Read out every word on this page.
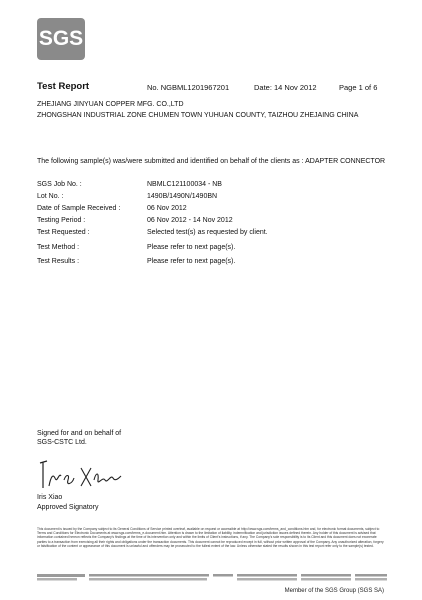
SGS
Test Report	No. NGBML1201967201	Date: 14 Nov 2012	Page 1 of 6
ZHEJIANG JINYUAN COPPER MFG. CO.,LTD
ZHONGSHAN INDUSTRIAL ZONE CHUMEN TOWN YUHUAN COUNTY, TAIZHOU ZHEJAING CHINA
The following sample(s) was/were submitted and identified on behalf of the clients as : ADAPTER CONNECTOR
SGS Job No. :	NBMLC121100034 - NB
Lot No. :	1490B/1490N/1490BN
Date of Sample Received :	06 Nov 2012
Testing Period :	06 Nov 2012 - 14 Nov 2012
Test Requested :	Selected test(s) as requested by client.
Test Method :	Please refer to next page(s).
Test Results :	Please refer to next page(s).
Signed for and on behalf of
SGS-CSTC Ltd.
Iris Xiao
Approved Signatory
This document is issued by the Company subject to its General Conditions of Service printed overleaf, available on request or accessible at http://www.sgs.com/terms_and_conditions.htm and, for electronic format documents, subject to Terms and Conditions for Electronic Documents at www.sgs.com/terms_e-document.htm. Attention is drawn to the limitation of liability, indemnification and jurisdiction issues defined therein. Any holder of this document is advised that information contained hereon reflects the Company's findings at the time of its intervention only and within the limits of Client's instructions, if any. The Company's sole responsibility is to its Client and this document does not exonerate parties to a transaction from exercising all their rights and obligations under the transaction documents. This document cannot be reproduced except in full, without prior written approval of the Company. Any unauthorized alteration, forgery or falsification of the content or appearance of this document is unlawful and offenders may be prosecuted to the fullest extent of the law. Unless otherwise stated the results shown in this test report refer only to the sample(s) tested.
Member of the SGS Group (SGS SA)
